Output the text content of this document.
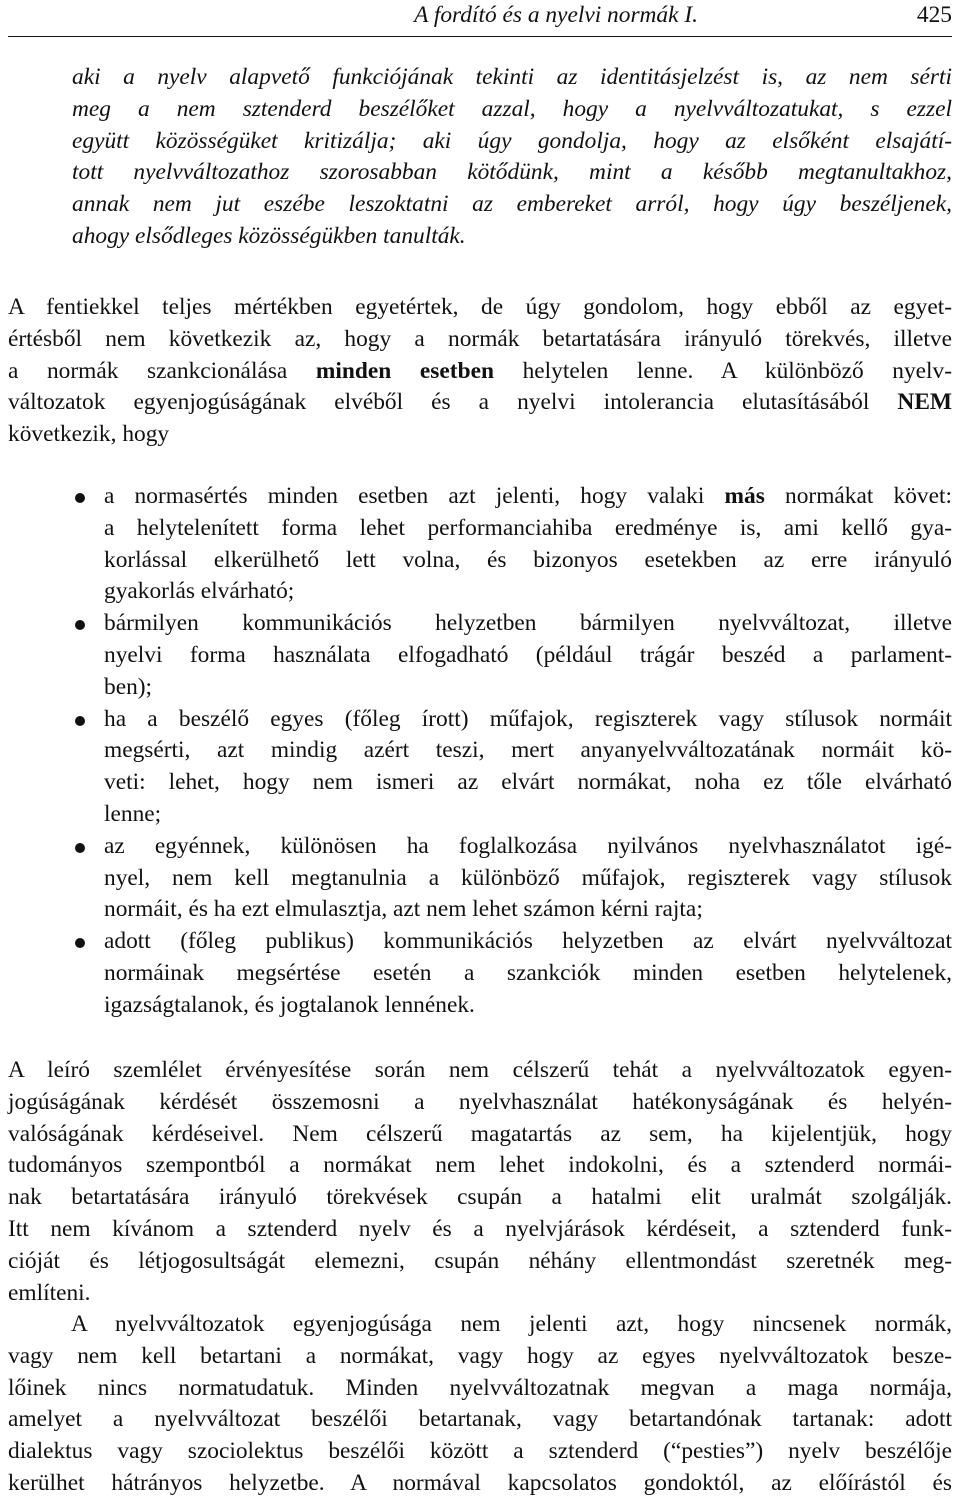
A fordító és a nyelvi normák I.	425
aki a nyelv alapvető funkciójának tekinti az identitásjelzést is, az nem sérti
meg a nem sztenderd beszélőket azzal, hogy a nyelvváltozatukat, s ezzel
együtt közösségüket kritizálja; aki úgy gondolja, hogy az elsőként elsajátí-
tott nyelvváltozathoz szorosabban kötődünk, mint a később megtanultakhoz,
annak nem jut eszébe leszoktatni az embereket arról, hogy úgy beszéljenek,
ahogy elsődleges közösségükben tanulták.
A fentiekkel teljes mértékben egyetértek, de úgy gondolom, hogy ebből az egyet-
értésből nem következik az, hogy a normák betartatására irányuló törekvés, illetve
a normák szankcionálása minden esetben helytelen lenne. A különböző nyelv-
változatok egyenjogúságának elvéből és a nyelvi intolerancia elutasításából NEM
következik, hogy
a normasértés minden esetben azt jelenti, hogy valaki más normákat követ:
a helytelenített forma lehet performanciahiba eredménye is, ami kellő gya-
korlással elkerülhető lett volna, és bizonyos esetekben az erre irányuló
gyakorlás elvárható;
bármilyen kommunikációs helyzetben bármilyen nyelvváltozat, illetve
nyelvi forma használata elfogadható (például trágár beszéd a parlament-
ben);
ha a beszélő egyes (főleg írott) műfajok, regiszterek vagy stílusok normáit
megsérti, azt mindig azért teszi, mert anyanyelvváltozatának normáit kö-
veti: lehet, hogy nem ismeri az elvárt normákat, noha ez tőle elvárható
lenne;
az egyénnek, különösen ha foglalkozása nyilvános nyelvhasználatot igé-
nyel, nem kell megtanulnia a különböző műfajok, regiszterek vagy stílusok
normáit, és ha ezt elmulasztja, azt nem lehet számon kérni rajta;
adott (főleg publikus) kommunikációs helyzetben az elvárt nyelvváltozat
normáinak megsértése esetén a szankciók minden esetben helytelenek,
igazságtalanok, és jogtalanok lennének.
A leíró szemlélet érvényesítése során nem célszerű tehát a nyelvváltozatok egyen-
jogúságának kérdését összemosni a nyelvhasználat hatékonyságának és helyén-
valóságának kérdéseivel. Nem célszerű magatartás az sem, ha kijelentjük, hogy
tudományos szempontból a normákat nem lehet indokolni, és a sztenderd normái-
nak betartatására irányuló törekvések csupán a hatalmi elit uralmát szolgálják.
Itt nem kívánom a sztenderd nyelv és a nyelvjárások kérdéseit, a sztenderd funk-
cióját és létjogosultságát elemezni, csupán néhány ellentmondást szeretnék meg-
említeni.
A nyelvváltozatok egyenjogúsága nem jelenti azt, hogy nincsenek normák,
vagy nem kell betartani a normákat, vagy hogy az egyes nyelvváltozatok besze-
lőinek nincs normatudatuk. Minden nyelvváltozatnak megvan a maga normája,
amelyet a nyelvváltozat beszélői betartanak, vagy betartandónak tartanak: adott
dialektus vagy szociolektus beszélői között a sztenderd (“pesties”) nyelv beszélője
kerülhet hátrányos helyzetbe. A normával kapcsolatos gondoktól, az előírástól és
